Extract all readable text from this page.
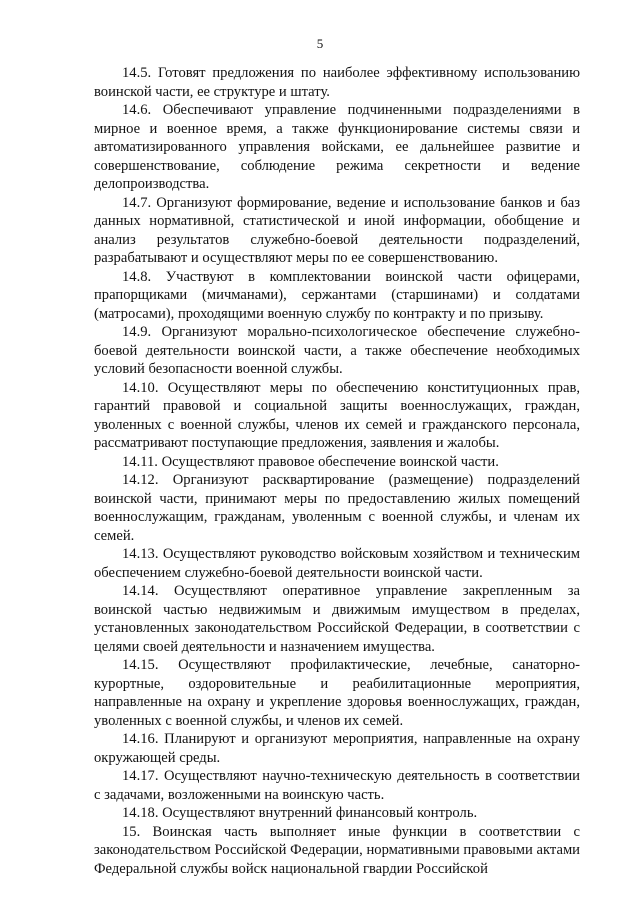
5

14.5. Готовят предложения по наиболее эффективному использованию воинской части, ее структуре и штату.

14.6. Обеспечивают управление подчиненными подразделениями в мирное и военное время, а также функционирование системы связи и автоматизированного управления войсками, ее дальнейшее развитие и совершенствование, соблюдение режима секретности и ведение делопроизводства.

14.7. Организуют формирование, ведение и использование банков и баз данных нормативной, статистической и иной информации, обобщение и анализ результатов служебно-боевой деятельности подразделений, разрабатывают и осуществляют меры по ее совершенствованию.

14.8. Участвуют в комплектовании воинской части офицерами, прапорщиками (мичманами), сержантами (старшинами) и солдатами (матросами), проходящими военную службу по контракту и по призыву.

14.9. Организуют морально-психологическое обеспечение служебно-боевой деятельности воинской части, а также обеспечение необходимых условий безопасности военной службы.

14.10. Осуществляют меры по обеспечению конституционных прав, гарантий правовой и социальной защиты военнослужащих, граждан, уволенных с военной службы, членов их семей и гражданского персонала, рассматривают поступающие предложения, заявления и жалобы.

14.11. Осуществляют правовое обеспечение воинской части.

14.12. Организуют расквартирование (размещение) подразделений воинской части, принимают меры по предоставлению жилых помещений военнослужащим, гражданам, уволенным с военной службы, и членам их семей.

14.13. Осуществляют руководство войсковым хозяйством и техническим обеспечением служебно-боевой деятельности воинской части.

14.14. Осуществляют оперативное управление закрепленным за воинской частью недвижимым и движимым имуществом в пределах, установленных законодательством Российской Федерации, в соответствии с целями своей деятельности и назначением имущества.

14.15. Осуществляют профилактические, лечебные, санаторно-курортные, оздоровительные и реабилитационные мероприятия, направленные на охрану и укрепление здоровья военнослужащих, граждан, уволенных с военной службы, и членов их семей.

14.16. Планируют и организуют мероприятия, направленные на охрану окружающей среды.

14.17. Осуществляют научно-техническую деятельность в соответствии с задачами, возложенными на воинскую часть.

14.18. Осуществляют внутренний финансовый контроль.

15. Воинская часть выполняет иные функции в соответствии с законодательством Российской Федерации, нормативными правовыми актами Федеральной службы войск национальной гвардии Российской
